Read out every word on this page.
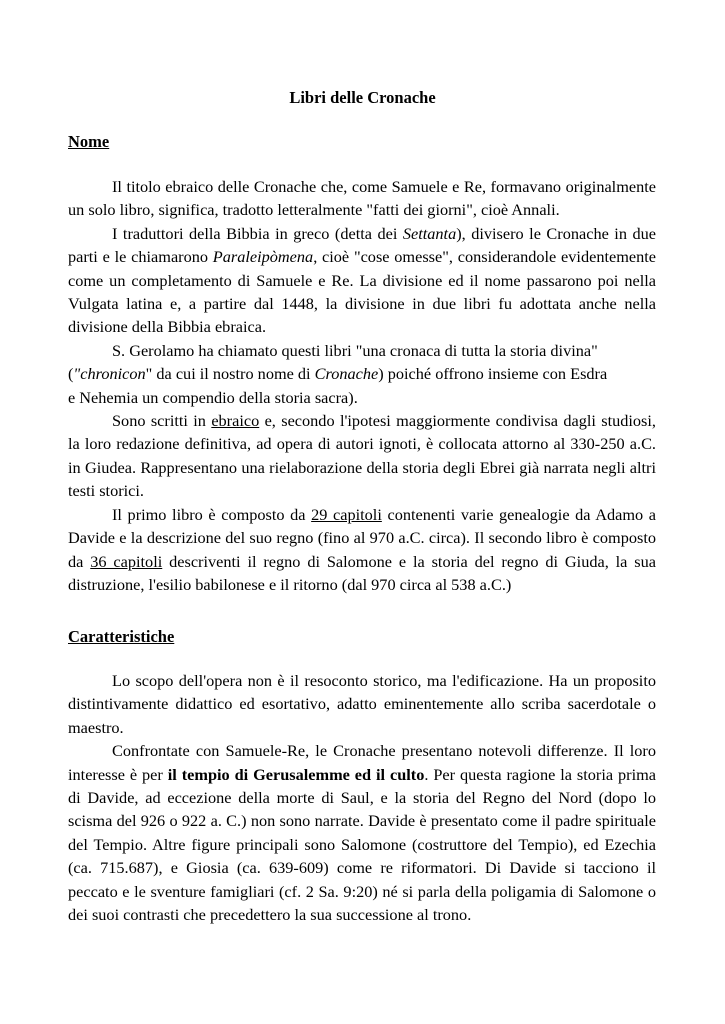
Libri delle Cronache
Nome

Il titolo ebraico delle Cronache che, come Samuele e Re, formavano originalmente un solo libro, significa, tradotto letteralmente "fatti dei giorni", cioè Annali.

I traduttori della Bibbia in greco (detta dei Settanta), divisero le Cronache in due parti e le chiamarono Paraleipòmena, cioè "cose omesse", considerandole evidentemente come un completamento di Samuele e Re. La divisione ed il nome passarono poi nella Vulgata latina e, a partire dal 1448, la divisione in due libri fu adottata anche nella divisione della Bibbia ebraica.

S. Gerolamo ha chiamato questi libri "una cronaca di tutta la storia divina" ("chronicon" da cui il nostro nome di Cronache) poiché offrono insieme con Esdra
e Nehemia un compendio della storia sacra).

Sono scritti in ebraico e, secondo l'ipotesi maggiormente condivisa dagli studiosi, la loro redazione definitiva, ad opera di autori ignoti, è collocata attorno al 330-250 a.C. in Giudea. Rappresentano una rielaborazione della storia degli Ebrei già narrata negli altri testi storici.

Il primo libro è composto da 29 capitoli contenenti varie genealogie da Adamo a Davide e la descrizione del suo regno (fino al 970 a.C. circa). Il secondo libro è composto da 36 capitoli descriventi il regno di Salomone e la storia del regno di Giuda, la sua distruzione, l'esilio babilonese e il ritorno (dal 970 circa al 538 a.C.)

Caratteristiche

Lo scopo dell'opera non è il resoconto storico, ma l'edificazione. Ha un proposito distintivamente didattico ed esortativo, adatto eminentemente allo scriba sacerdotale o maestro.

Confrontate con Samuele-Re, le Cronache presentano notevoli differenze. Il loro interesse è per il tempio di Gerusalemme ed il culto. Per questa ragione la storia prima di Davide, ad eccezione della morte di Saul, e la storia del Regno del Nord (dopo lo scisma del 926 o 922 a. C.) non sono narrate. Davide è presentato come il padre spirituale del Tempio. Altre figure principali sono Salomone (costruttore del Tempio), ed Ezechia (ca. 715.687), e Giosia (ca. 639-609) come re riformatori. Di Davide si tacciono il peccato e le sventure famigliari (cf. 2 Sa. 9:20) né si parla della poligamia di Salomone o dei suoi contrasti che precedettero la sua successione al trono.
